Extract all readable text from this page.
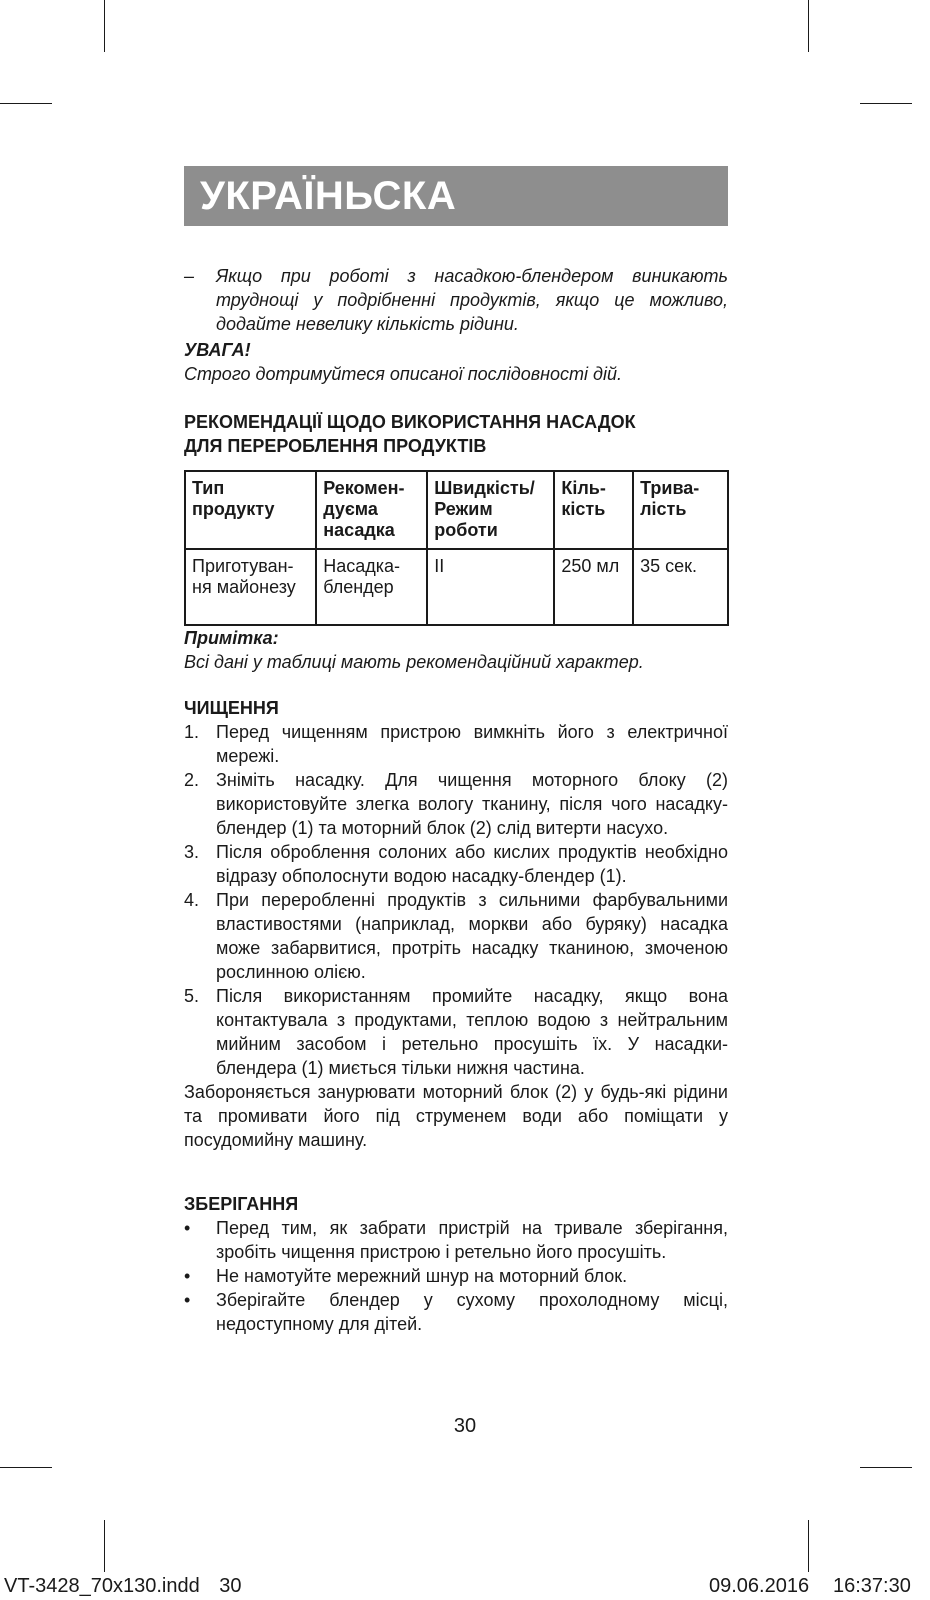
УКРАЇНЬСКА
– Якщо при роботі з насадкою-блендером виникають труднощі у подрібненні продуктів, якщо це можливо, додайте невелику кількість рідини.
УВАГА!
Строго дотримуйтеся описаної послідовності дій.
РЕКОМЕНДАЦІЇ ЩОДО ВИКОРИСТАННЯ НАСАДОК
ДЛЯ ПЕРЕРОБЛЕННЯ ПРОДУКТІВ
Тип продукту	Рекомен-дуєма насадка	Швидкість/ Режим роботи	Кіль-кість	Трива-лість
Приготуван-ня майонезу	Насадка-блендер	II	250 мл	35 сек.
Примітка:
Всі дані у таблиці мають рекомендаційний характер.
ЧИЩЕННЯ
1. Перед чищенням пристрою вимкніть його з електричної мережі.
2. Зніміть насадку. Для чищення моторного блоку (2) використовуйте злегка вологу тканину, після чого насадку-блендер (1) та моторний блок (2) слід витерти насухо.
3. Після оброблення солоних або кислих продуктів необхідно відразу обполоснути водою насадку-блендер (1).
4. При переробленні продуктів з сильними фарбувальними властивостями (наприклад, моркви або буряку) насадка може забарвитися, протріть насадку тканиною, змоченою рослинною олією.
5. Після використанням промийте насадку, якщо вона контактувала з продуктами, теплою водою з нейтральним мийним засобом і ретельно просушіть їх. У насадки-блендера (1) миється тільки нижня частина.
Забороняється занурювати моторний блок (2) у будь-які рідини та промивати його під струменем води або поміщати у посудомийну машину.
ЗБЕРІГАННЯ
• Перед тим, як забрати пристрій на тривале зберігання, зробіть чищення пристрою і ретельно його просушіть.
• Не намотуйте мережний шнур на моторний блок.
• Зберігайте блендер у сухому прохолодному місці, недоступному для дітей.
30
VT-3428_70x130.indd 30	09.06.2016 16:37:30
